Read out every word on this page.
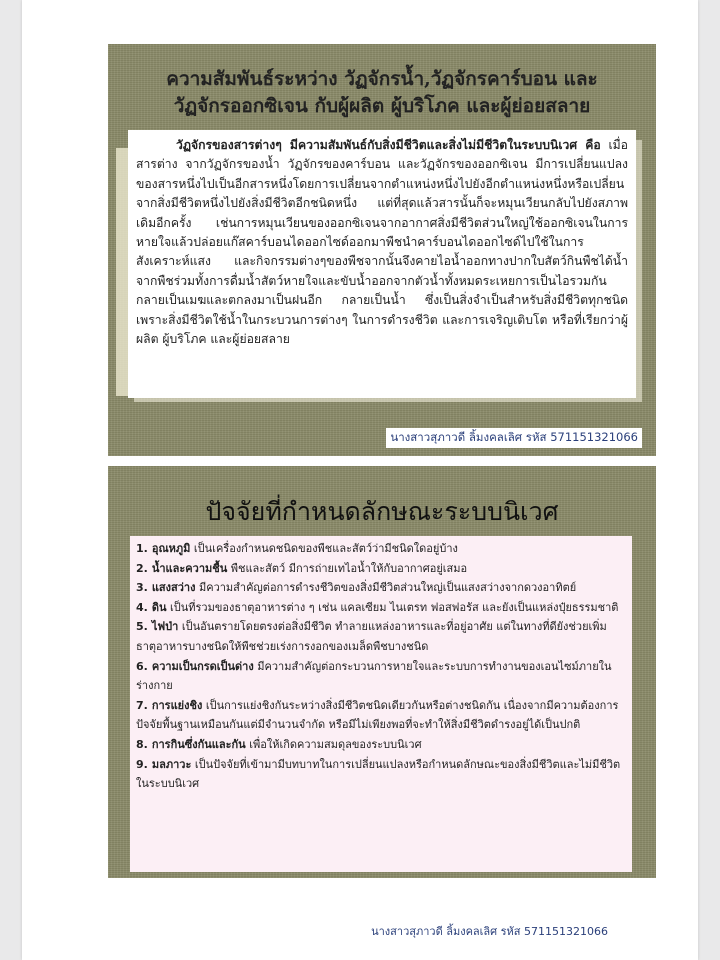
ความสัมพันธ์ระหว่าง วัฏจักรน้ำ,วัฏจักรคาร์บอน และ
วัฏจักรออกซิเจน กับผู้ผลิต ผู้บริโภค และผู้ย่อยสลาย

วัฏจักรของสารต่างๆ มีความสัมพันธ์กับสิ่งมีชีวิตและสิ่งไม่มีชีวิตในระบบนิเวศ คือ เมื่อสารต่าง จากวัฏจักรของน้ำ วัฏจักรของคาร์บอน และวัฏจักรของออกซิเจน มีการเปลี่ยนแปลงของสารหนึ่งไปเป็นอีกสารหนึ่งโดยการเปลี่ยนจากตำแหน่งหนึ่งไปยังอีกตำแหน่งหนึ่งหรือเปลี่ยนจากสิ่งมีชีวิตหนึ่งไปยังสิ่งมีชีวิตอีกชนิดหนึ่ง แต่ที่สุดแล้วสารนั้นก็จะหมุนเวียนกลับไปยังสภาพเดิมอีกครั้ง เช่นการหมุนเวียนของออกซิเจนจากอากาศสิ่งมีชีวิตส่วนใหญ่ใช้ออกซิเจนในการหายใจแล้วปล่อยแก๊สคาร์บอนไดออกไซด์ออกมาพืชนำคาร์บอนไดออกไซด์ไปใช้ในการสังเคราะห์แสง และกิจกรรมต่างๆของพืชจากนั้นจึงคายไอน้ำออกทางปากใบสัตว์กินพืชได้น้ำจากพืชร่วมทั้งการดื่มน้ำสัตว์หายใจและขับน้ำออกจากตัวน้ำทั้งหมดระเหยการเป็นไอรวมกันกลายเป็นเมฆและตกลงมาเป็นฝนอีก กลายเป็นน้ำ ซึ่งเป็นสิ่งจำเป็นสำหรับสิ่งมีชีวิตทุกชนิดเพราะสิ่งมีชีวิตใช้น้ำในกระบวนการต่างๆ ในการดำรงชีวิต และการเจริญเติบโต หรือที่เรียกว่าผู้ผลิต ผู้บริโภค และผู้ย่อยสลาย

นางสาวสุภาวดี ลิ้มงคลเลิศ รหัส 571151321066
ปัจจัยที่กำหนดลักษณะระบบนิเวศ

1. อุณหภูมิ เป็นเครื่องกำหนดชนิดของพืชและสัตว์ว่ามีชนิดใดอยู่บ้าง

2. น้ำและความชื้น พืชและสัตว์ มีการถ่ายเทไอน้ำให้กับอากาศอยู่เสมอ

3. แสงสว่าง มีความสำคัญต่อการดำรงชีวิตของสิ่งมีชีวิตส่วนใหญ่เป็นแสงสว่างจากดวงอาทิตย์

4. ดิน เป็นที่รวมของธาตุอาหารต่าง ๆ เช่น แคลเซียม ไนเตรท ฟอสฟอรัส และยังเป็นแหล่งปุ๋ยธรรมชาติ

5. ไฟป่า เป็นอันตรายโดยตรงต่อสิ่งมีชีวิต ทำลายแหล่งอาหารและที่อยู่อาศัย แต่ในทางที่ดียังช่วยเพิ่มธาตุอาหารบางชนิดให้พืชช่วยเร่งการงอกของเมล็ดพืชบางชนิด

6. ความเป็นกรดเป็นด่าง มีความสำคัญต่อกระบวนการหายใจและระบบการทำงานของเอนไซม์ภายในร่างกาย

7. การแย่งชิง เป็นการแย่งชิงกันระหว่างสิ่งมีชีวิตชนิดเดียวกันหรือต่างชนิดกัน เนื่องจากมีความต้องการปัจจัยพื้นฐานเหมือนกันแต่มีจำนวนจำกัด หรือมีไม่เพียงพอที่จะทำให้สิ่งมีชีวิตดำรงอยู่ได้เป็นปกติ

8. การกินซึ่งกันและกัน เพื่อให้เกิดความสมดุลของระบบนิเวศ

9. มลภาวะ เป็นปัจจัยที่เข้ามามีบทบาทในการเปลี่ยนแปลงหรือกำหนดลักษณะของสิ่งมีชีวิตและไม่มีชีวิตในระบบนิเวศ

นางสาวสุภาวดี ลิ้มงคลเลิศ รหัส 571151321066
